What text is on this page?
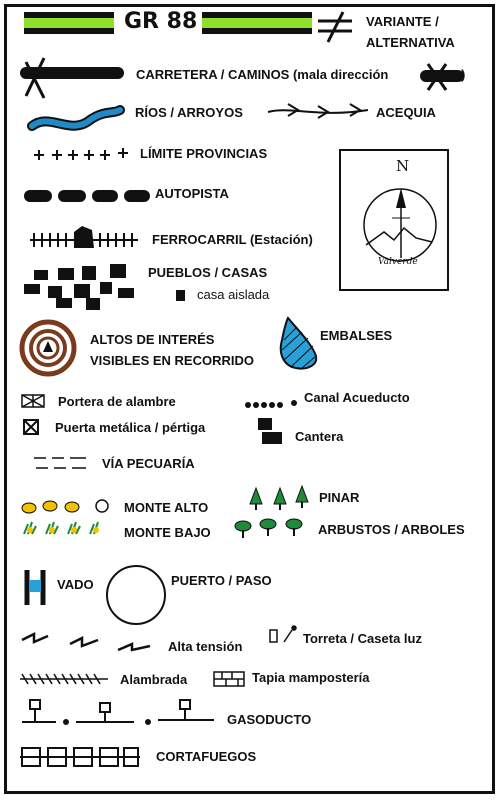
GR 88	VARIANTE /
ALTERNATIVA
CARRETERA / CAMINOS (mala dirección	)
RÍOS / ARROYOS	ACEQUIA
LÍMITE PROVINCIAS
AUTOPISTA
FERROCARRIL (Estación)
PUEBLOS / CASAS
casa aislada
ALTOS DE INTERÉS
VISIBLES EN RECORRIDO
EMBALSES
Portera de alambre	Canal Acueducto
Puerta metálica / pértiga
Cantera
VÍA PECUARÍA
PINAR
MONTE ALTO
MONTE BAJO	ARBUSTOS / ARBOLES
VADO	PUERTO / PASO
Alta tensión
Torreta / Caseta luz
Alambrada	Tapia mampostería
GASODUCTO
CORTAFUEGOS
N
Valverde
